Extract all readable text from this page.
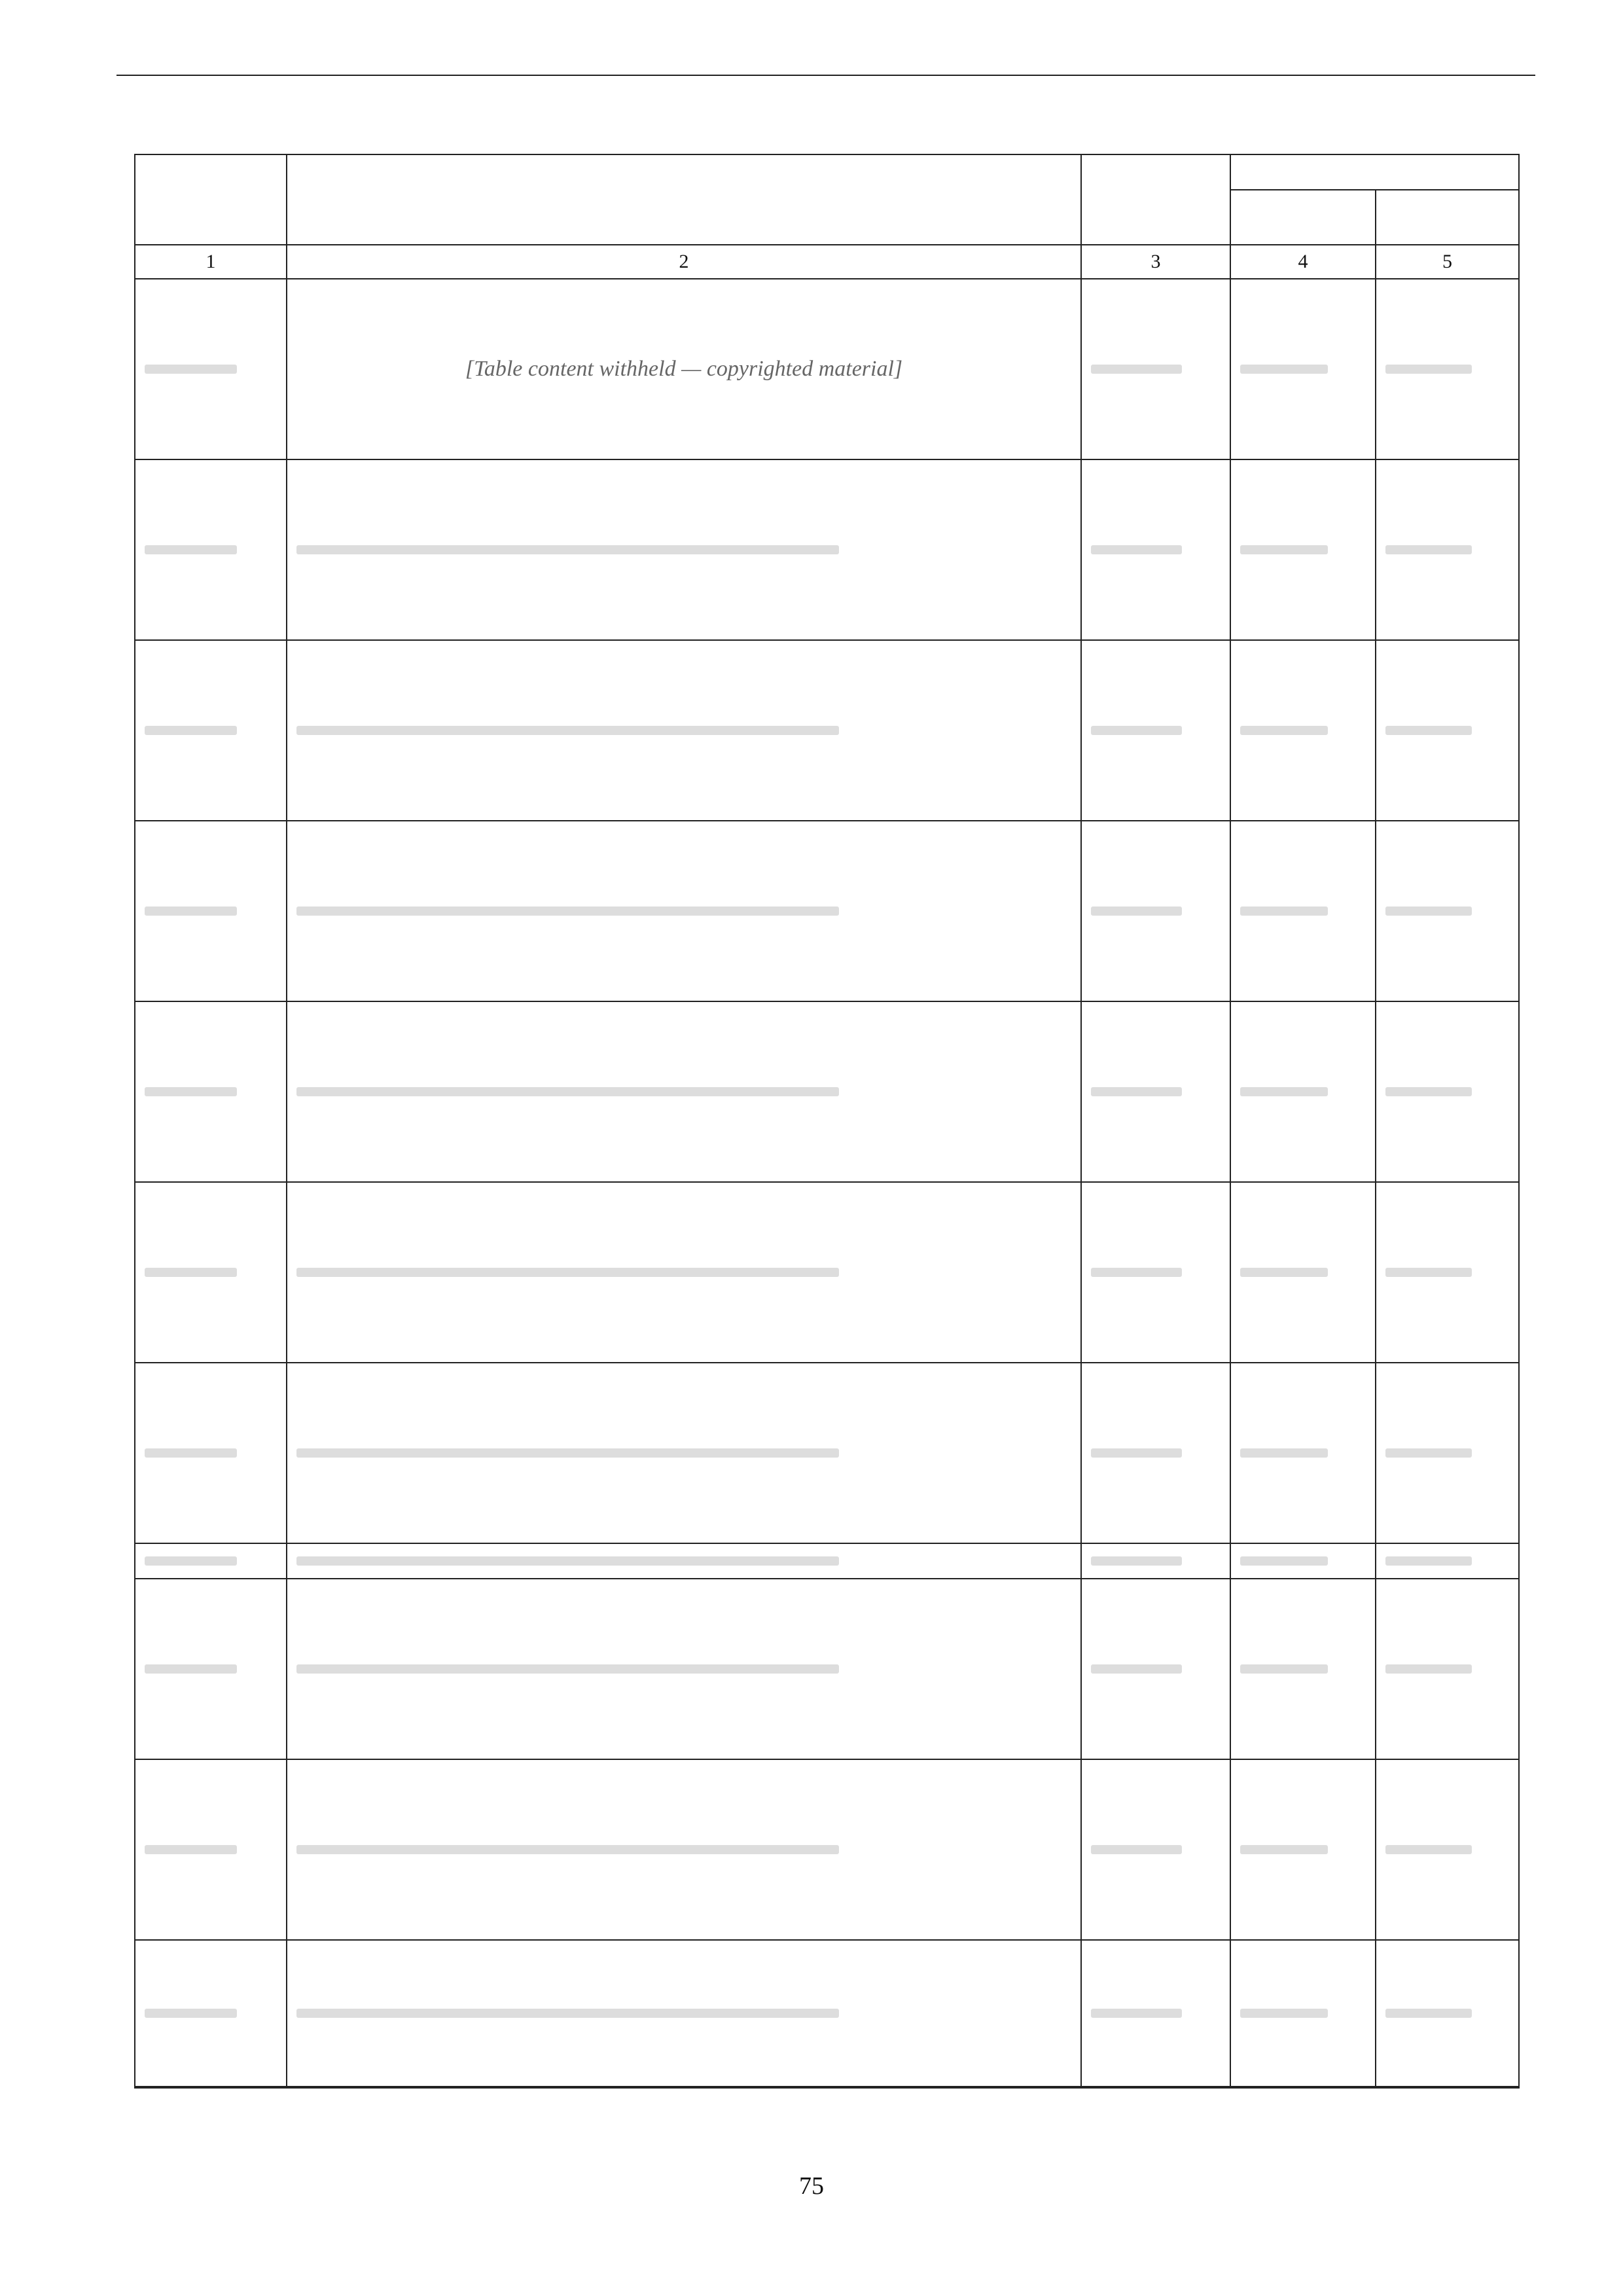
1	2	3	4	5
[Table content withheld — copyrighted material]
75
